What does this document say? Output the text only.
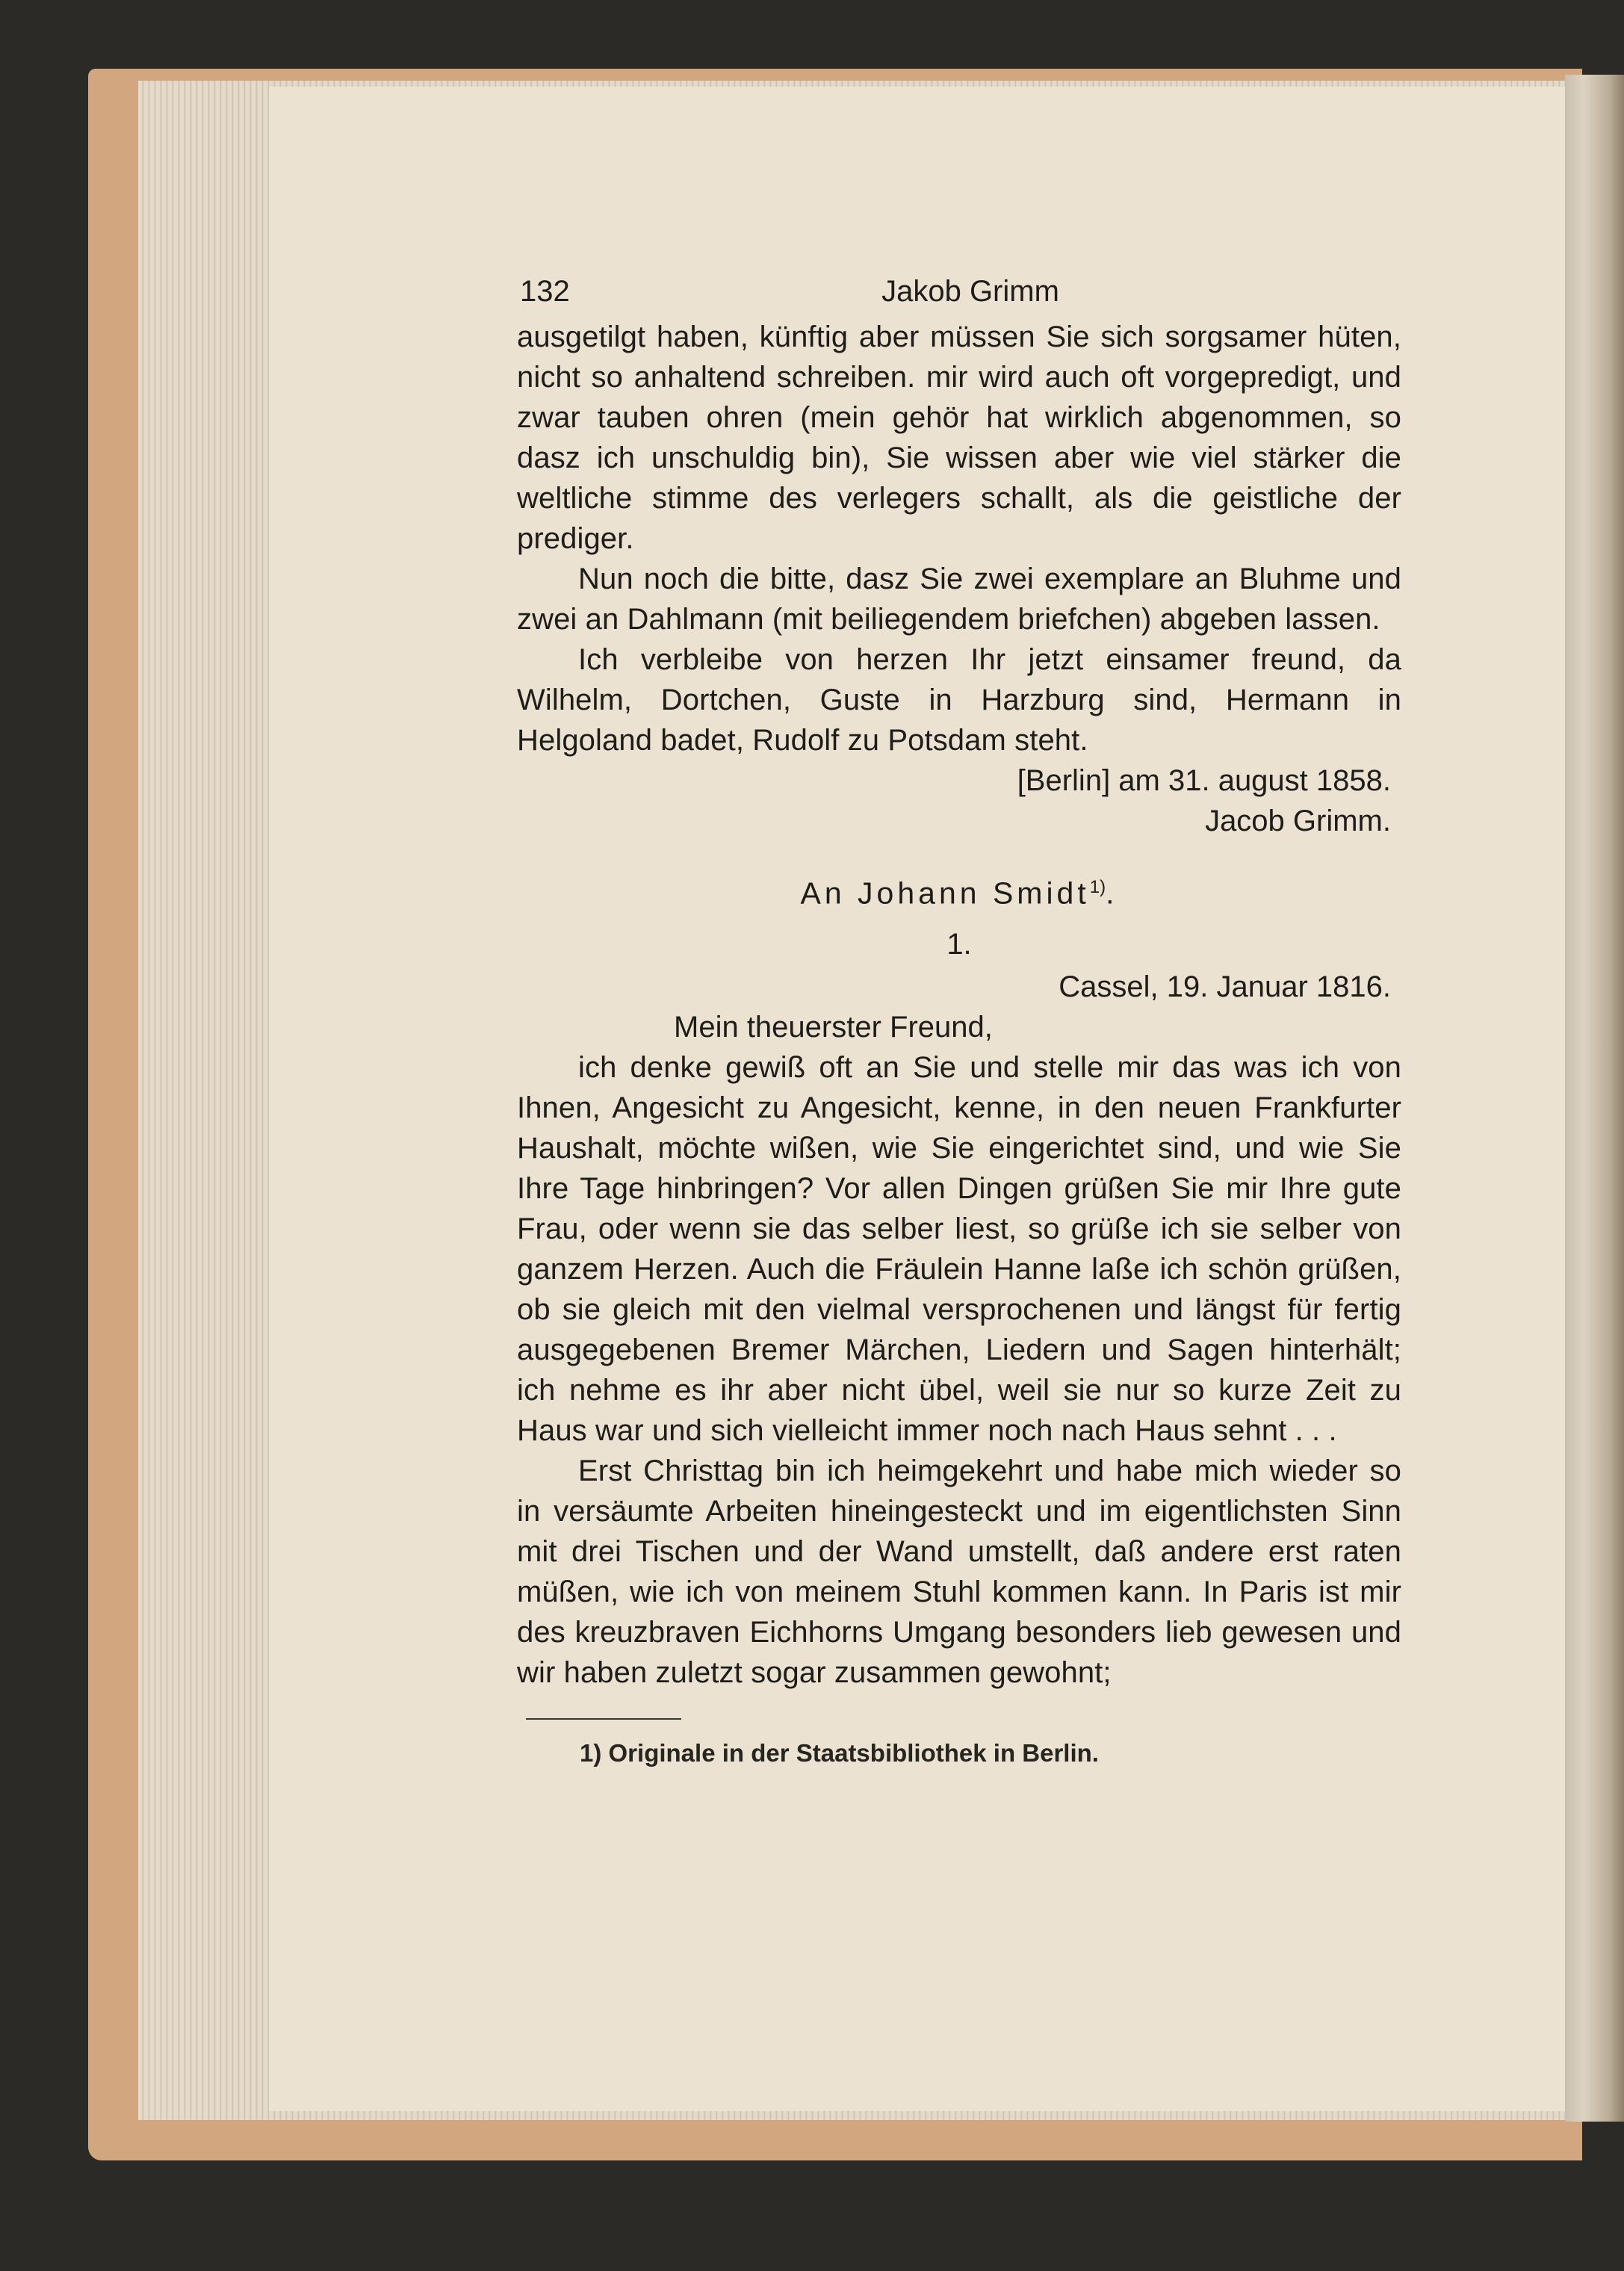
132	Jakob Grimm

ausgetilgt haben, künftig aber müssen Sie sich sorgsamer hüten, nicht so anhaltend schreiben. mir wird auch oft vorgepredigt, und zwar tauben ohren (mein gehör hat wirklich abgenommen, so dasz ich unschuldig bin), Sie wissen aber wie viel stärker die weltliche stimme des verlegers schallt, als die geistliche der prediger.

Nun noch die bitte, dasz Sie zwei exemplare an Bluhme und zwei an Dahlmann (mit beiliegendem briefchen) abgeben lassen.

Ich verbleibe von herzen Ihr jetzt einsamer freund, da Wilhelm, Dortchen, Guste in Harzburg sind, Hermann in Helgoland badet, Rudolf zu Potsdam steht.

[Berlin] am 31. august 1858.

Jacob Grimm.

An Johann Smidt$^{1)}$.

1.

Cassel, 19. Januar 1816.

Mein theuerster Freund,

ich denke gewiß oft an Sie und stelle mir das was ich von Ihnen, Angesicht zu Angesicht, kenne, in den neuen Frankfurter Haushalt, möchte wißen, wie Sie eingerichtet sind, und wie Sie Ihre Tage hinbringen? Vor allen Dingen grüßen Sie mir Ihre gute Frau, oder wenn sie das selber liest, so grüße ich sie selber von ganzem Herzen. Auch die Fräulein Hanne laße ich schön grüßen, ob sie gleich mit den vielmal versprochenen und längst für fertig ausgegebenen Bremer Märchen, Liedern und Sagen hinterhält; ich nehme es ihr aber nicht übel, weil sie nur so kurze Zeit zu Haus war und sich vielleicht immer noch nach Haus sehnt . . .

Erst Christtag bin ich heimgekehrt und habe mich wieder so in versäumte Arbeiten hineingesteckt und im eigentlichsten Sinn mit drei Tischen und der Wand umstellt, daß andere erst raten müßen, wie ich von meinem Stuhl kommen kann. In Paris ist mir des kreuzbraven Eichhorns Umgang besonders lieb gewesen und wir haben zuletzt sogar zusammen gewohnt;

1) Originale in der Staatsbibliothek in Berlin.
